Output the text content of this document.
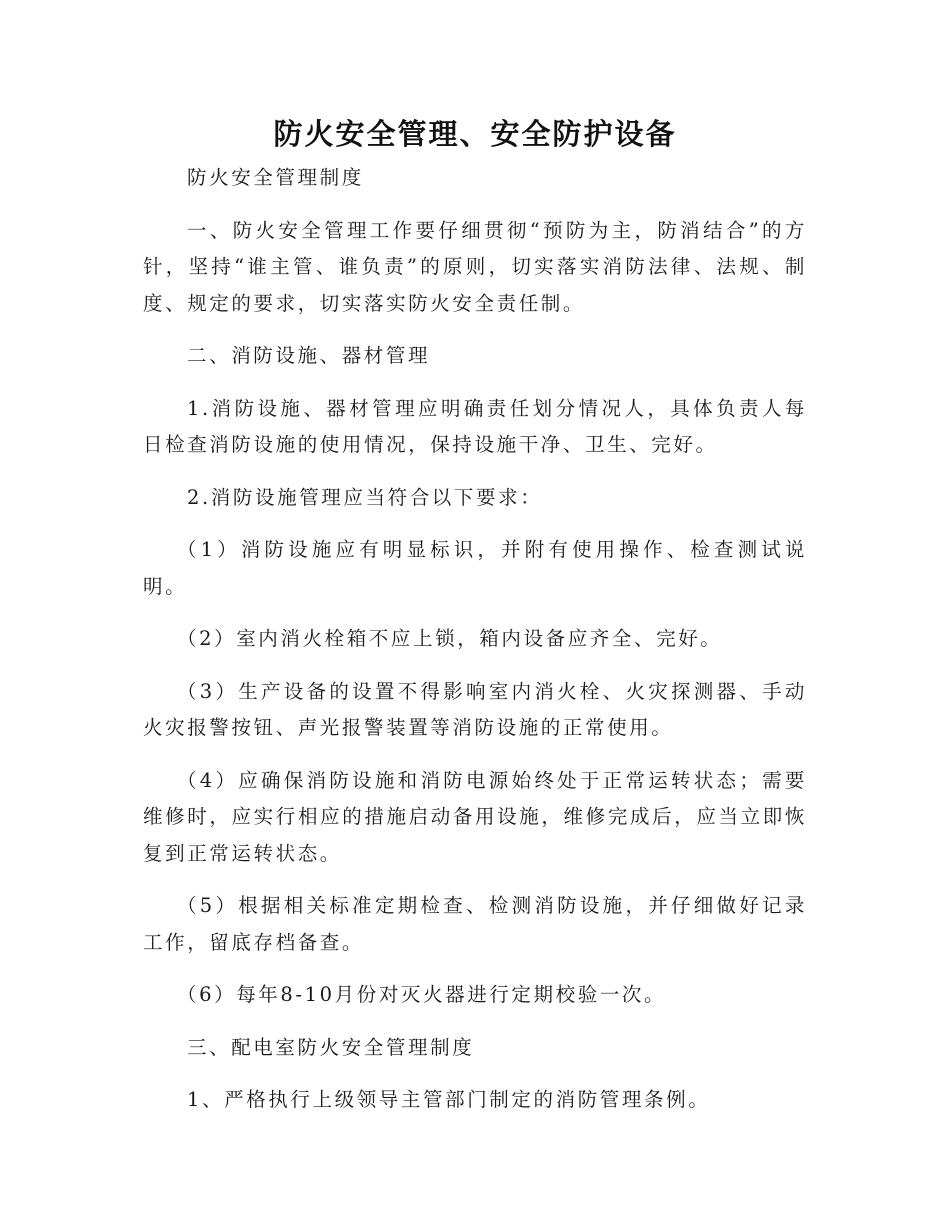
防火安全管理、安全防护设备

防火安全管理制度

一、防火安全管理工作要仔细贯彻“预防为主，防消结合”的方针，坚持“谁主管、谁负责”的原则，切实落实消防法律、法规、制度、规定的要求，切实落实防火安全责任制。

二、消防设施、器材管理

1.消防设施、器材管理应明确责任划分情况人，具体负责人每日检查消防设施的使用情况，保持设施干净、卫生、完好。

2.消防设施管理应当符合以下要求：

（1）消防设施应有明显标识，并附有使用操作、检查测试说明。

（2）室内消火栓箱不应上锁，箱内设备应齐全、完好。

（3）生产设备的设置不得影响室内消火栓、火灾探测器、手动火灾报警按钮、声光报警装置等消防设施的正常使用。

（4）应确保消防设施和消防电源始终处于正常运转状态；需要维修时，应实行相应的措施启动备用设施，维修完成后，应当立即恢复到正常运转状态。

（5）根据相关标准定期检查、检测消防设施，并仔细做好记录工作，留底存档备查。

（6）每年8-10月份对灭火器进行定期校验一次。

三、配电室防火安全管理制度

1、严格执行上级领导主管部门制定的消防管理条例。
